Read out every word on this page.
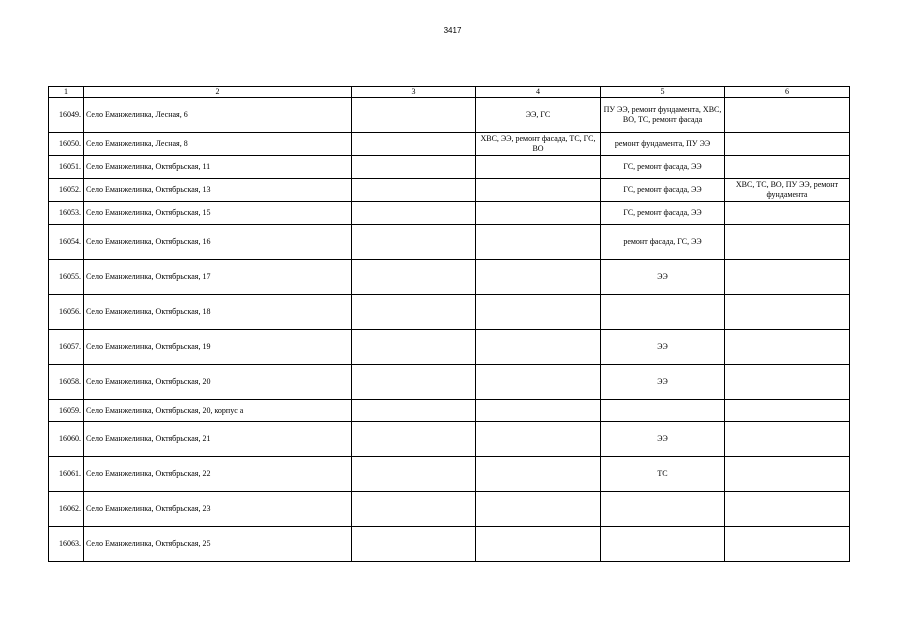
3417
1	2	3	4	5	6
16049.	Село Еманжелинка, Лесная, 6		ЭЭ, ГС	ПУ ЭЭ, ремонт фундамента, ХВС, ВО, ТС, ремонт фасада	
16050.	Село Еманжелинка, Лесная, 8		ХВС, ЭЭ, ремонт фасада, ТС, ГС, ВО	ремонт фундамента, ПУ ЭЭ	
16051.	Село Еманжелинка, Октябрьская, 11			ГС, ремонт фасада, ЭЭ	
16052.	Село Еманжелинка, Октябрьская, 13			ГС, ремонт фасада, ЭЭ	ХВС, ТС, ВО, ПУ ЭЭ, ремонт фундамента
16053.	Село Еманжелинка, Октябрьская, 15			ГС, ремонт фасада, ЭЭ	
16054.	Село Еманжелинка, Октябрьская, 16			ремонт фасада, ГС, ЭЭ	
16055.	Село Еманжелинка, Октябрьская, 17			ЭЭ	
16056.	Село Еманжелинка, Октябрьская, 18				
16057.	Село Еманжелинка, Октябрьская, 19			ЭЭ	
16058.	Село Еманжелинка, Октябрьская, 20			ЭЭ	
16059.	Село Еманжелинка, Октябрьская, 20, корпус а				
16060.	Село Еманжелинка, Октябрьская, 21			ЭЭ	
16061.	Село Еманжелинка, Октябрьская, 22			ТС	
16062.	Село Еманжелинка, Октябрьская, 23				
16063.	Село Еманжелинка, Октябрьская, 25				
